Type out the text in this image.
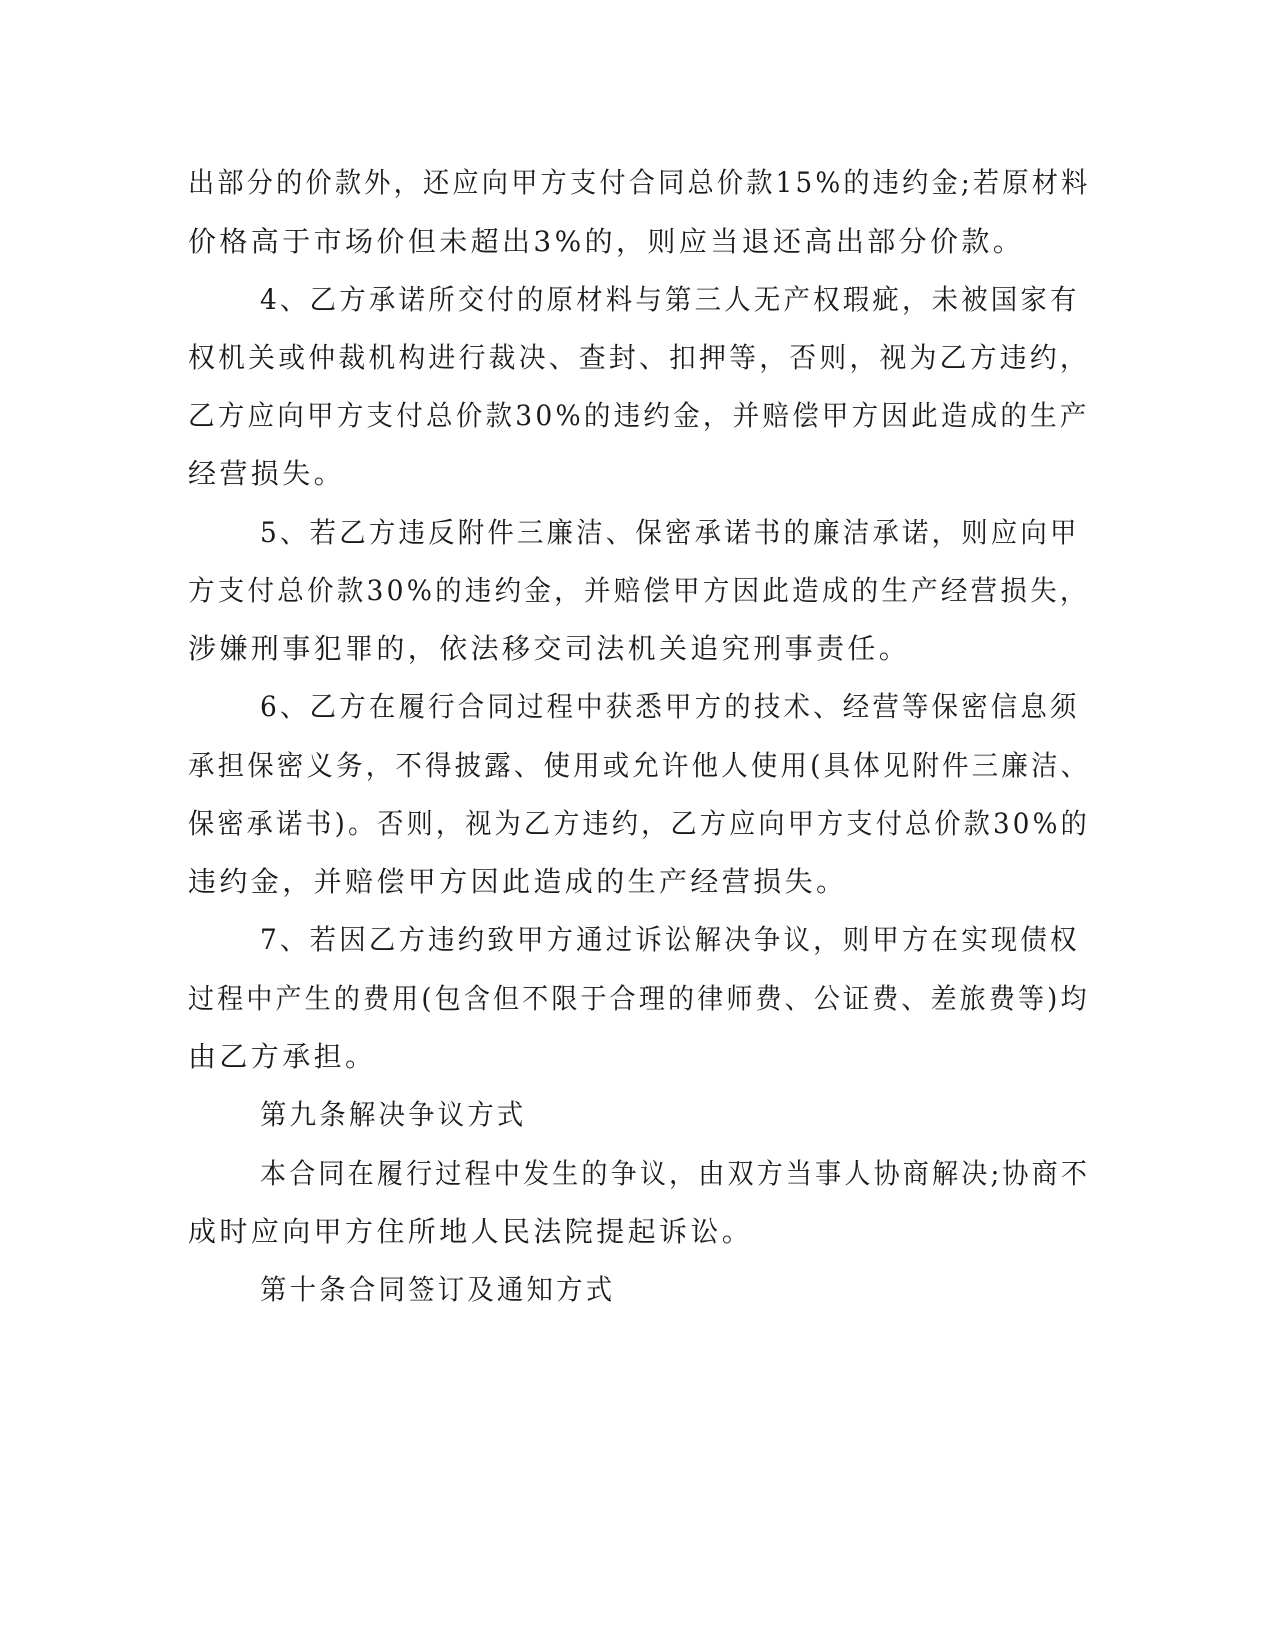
出部分的价款外，还应向甲方支付合同总价款15%的违约金;若原材料
价格高于市场价但未超出3%的，则应当退还高出部分价款。
4、乙方承诺所交付的原材料与第三人无产权瑕疵，未被国家有
权机关或仲裁机构进行裁决、查封、扣押等，否则，视为乙方违约，
乙方应向甲方支付总价款30%的违约金，并赔偿甲方因此造成的生产
经营损失。
5、若乙方违反附件三廉洁、保密承诺书的廉洁承诺，则应向甲
方支付总价款30%的违约金，并赔偿甲方因此造成的生产经营损失，
涉嫌刑事犯罪的，依法移交司法机关追究刑事责任。
6、乙方在履行合同过程中获悉甲方的技术、经营等保密信息须
承担保密义务，不得披露、使用或允许他人使用(具体见附件三廉洁、
保密承诺书)。否则，视为乙方违约，乙方应向甲方支付总价款30%的
违约金，并赔偿甲方因此造成的生产经营损失。
7、若因乙方违约致甲方通过诉讼解决争议，则甲方在实现债权
过程中产生的费用(包含但不限于合理的律师费、公证费、差旅费等)均
由乙方承担。
第九条解决争议方式
本合同在履行过程中发生的争议，由双方当事人协商解决;协商不
成时应向甲方住所地人民法院提起诉讼。
第十条合同签订及通知方式
